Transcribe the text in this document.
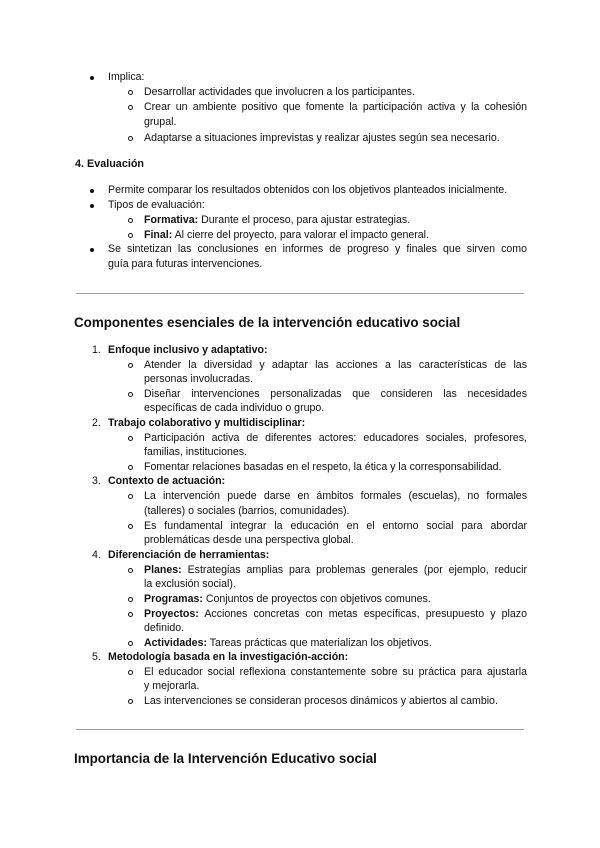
Implica:
Desarrollar actividades que involucren a los participantes.
Crear un ambiente positivo que fomente la participación activa y la cohesión
grupal.
Adaptarse a situaciones imprevistas y realizar ajustes según sea necesario.
4. Evaluación
Permite comparar los resultados obtenidos con los objetivos planteados inicialmente.
Tipos de evaluación:
Formativa: Durante el proceso, para ajustar estrategias.
Final: Al cierre del proyecto, para valorar el impacto general.
Se sintetizan las conclusiones en informes de progreso y finales que sirven como
guía para futuras intervenciones.
Componentes esenciales de la intervención educativo social
1. Enfoque inclusivo y adaptativo:
Atender la diversidad y adaptar las acciones a las características de las
personas involucradas.
Diseñar intervenciones personalizadas que consideren las necesidades
específicas de cada individuo o grupo.
2. Trabajo colaborativo y multidisciplinar:
Participación activa de diferentes actores: educadores sociales, profesores,
familias, instituciones.
Fomentar relaciones basadas en el respeto, la ética y la corresponsabilidad.
3. Contexto de actuación:
La intervención puede darse en ámbitos formales (escuelas), no formales
(talleres) o sociales (barrios, comunidades).
Es fundamental integrar la educación en el entorno social para abordar
problemáticas desde una perspectiva global.
4. Diferenciación de herramientas:
Planes: Estrategias amplias para problemas generales (por ejemplo, reducir
la exclusión social).
Programas: Conjuntos de proyectos con objetivos comunes.
Proyectos: Acciones concretas con metas específicas, presupuesto y plazo
definido.
Actividades: Tareas prácticas que materializan los objetivos.
5. Metodología basada en la investigación-acción:
El educador social reflexiona constantemente sobre su práctica para ajustarla
y mejorarla.
Las intervenciones se consideran procesos dinámicos y abiertos al cambio.
Importancia de la Intervención Educativo social
